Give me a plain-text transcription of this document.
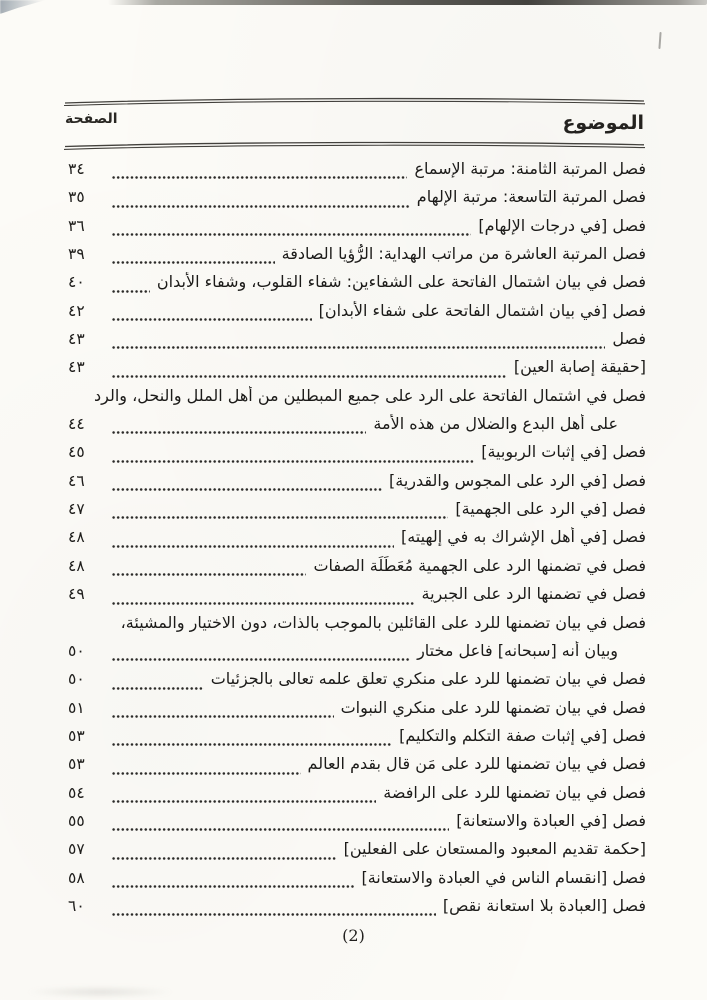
الموضوع
الصفحة
فصل المرتبة الثامنة: مرتبة الإسماع
٣٤
فصل المرتبة التاسعة: مرتبة الإلهام
٣٥
فصل [في درجات الإلهام]
٣٦
فصل المرتبة العاشرة من مراتب الهداية: الرُّؤيا الصادقة
٣٩
فصل في بيان اشتمال الفاتحة على الشفاءين: شفاء القلوب، وشفاء الأبدان
٤٠
فصل [في بيان اشتمال الفاتحة على شفاء الأبدان]
٤٢
فصل
٤٣
[حقيقة إصابة العين]
٤٣
فصل في اشتمال الفاتحة على الرد على جميع المبطلين من أهل الملل والنحل، والرد
على أهل البدع والضلال من هذه الأمة
٤٤
فصل [في إثبات الربوبية]
٤٥
فصل [في الرد على المجوس والقدرية]
٤٦
فصل [في الرد على الجهمية]
٤٧
فصل [في أهل الإشراك به في إلهيته]
٤٨
فصل في تضمنها الرد على الجهمية مُعَطِّلَة الصفات
٤٨
فصل في تضمنها الرد على الجبرية
٤٩
فصل في بيان تضمنها للرد على القائلين بالموجب بالذات، دون الاختيار والمشيئة،
وبيان أنه [سبحانه] فاعل مختار
٥٠
فصل في بيان تضمنها للرد على منكري تعلق علمه تعالى بالجزئيات
٥٠
فصل في بيان تضمنها للرد على منكري النبوات
٥١
فصل [في إثبات صفة التكلم والتكليم]
٥٣
فصل في بيان تضمنها للرد على مَن قال بقدم العالم
٥٣
فصل في بيان تضمنها للرد على الرافضة
٥٤
فصل [في العبادة والاستعانة]
٥٥
[حكمة تقديم المعبود والمستعان على الفعلين]
٥٧
فصل [انقسام الناس في العبادة والاستعانة]
٥٨
فصل [العبادة بلا استعانة نقص]
٦٠
(2)
